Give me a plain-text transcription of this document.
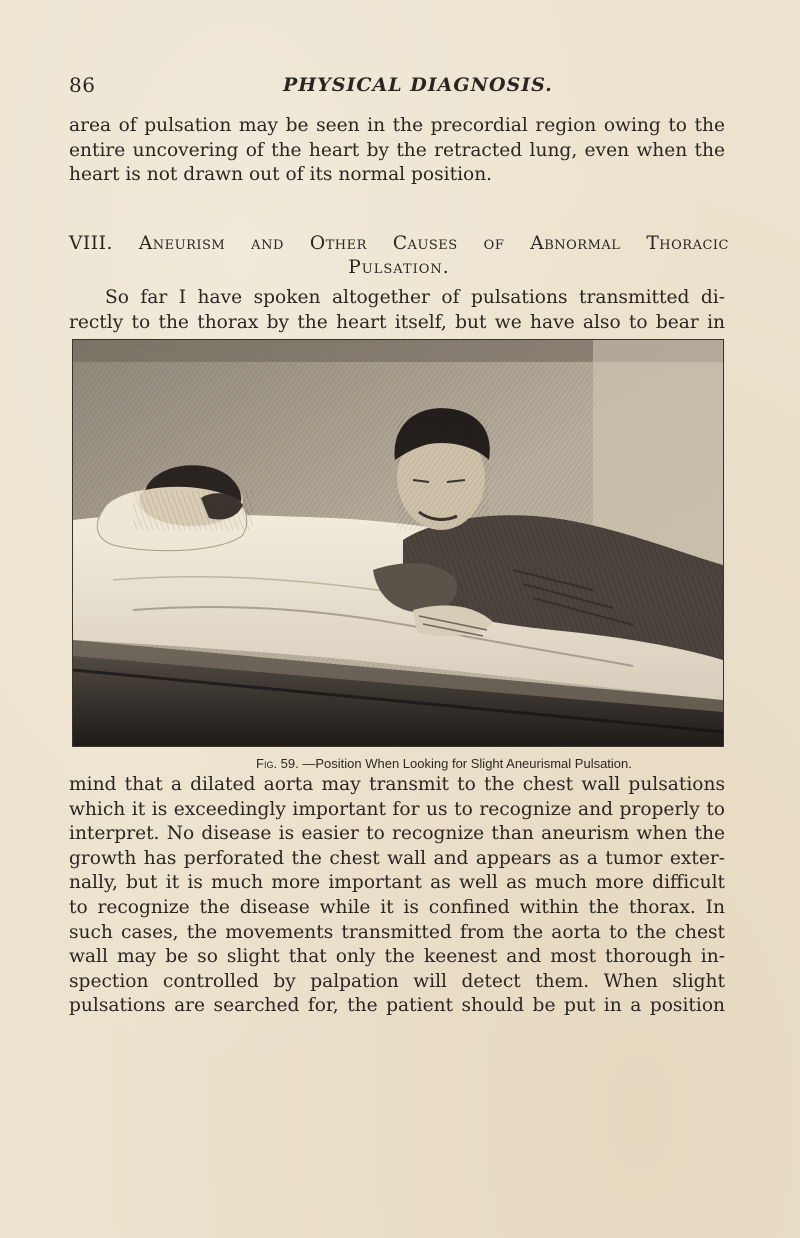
86	PHYSICAL DIAGNOSIS.
area of pulsation may be seen in the precordial region owing to the
entire uncovering of the heart by the retracted lung, even when the
heart is not drawn out of its normal position.
VIII. Aneurism and Other Causes of Abnormal Thoracic
Pulsation.
So far I have spoken altogether of pulsations transmitted di-
rectly to the thorax by the heart itself, but we have also to bear in
Fig. 59. —Position When Looking for Slight Aneurismal Pulsation.
mind that a dilated aorta may transmit to the chest wall pulsations
which it is exceedingly important for us to recognize and properly to
interpret. No disease is easier to recognize than aneurism when the
growth has perforated the chest wall and appears as a tumor exter-
nally, but it is much more important as well as much more difficult
to recognize the disease while it is confined within the thorax. In
such cases, the movements transmitted from the aorta to the chest
wall may be so slight that only the keenest and most thorough in-
spection controlled by palpation will detect them. When slight
pulsations are searched for, the patient should be put in a position
